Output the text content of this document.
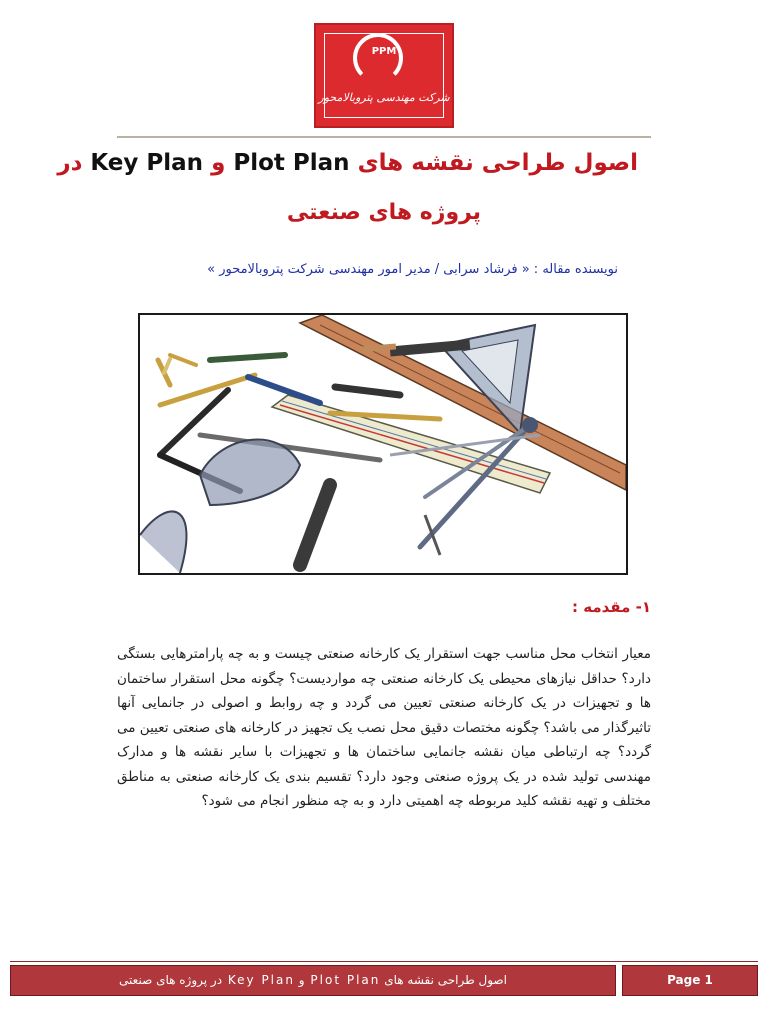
PPM
شرکت مهندسی پتروبالامحور
اصول طراحی نقشه های Plot Plan و Key Plan در
پروژه های صنعتی
نویسنده مقاله : « فرشاد سرابی / مدیر امور مهندسی شرکت پتروبالامحور »
۱- مقدمه :
معیار انتخاب محل مناسب جهت استقرار یک کارخانه صنعتی چیست و به چه پارامترهایی بستگی دارد؟ حداقل نیازهای محیطی یک کارخانه صنعتی چه مواردیست؟ چگونه محل استقرار ساختمان ها و تجهیزات در یک کارخانه صنعتی تعیین می گردد و چه روابط و اصولی در جانمایی آنها تاثیرگذار می باشد؟ چگونه مختصات دقیق محل نصب یک تجهیز در کارخانه های صنعتی تعیین می گردد؟ چه ارتباطی میان نقشه جانمایی ساختمان ها و تجهیزات با سایر نقشه ها و مدارک مهندسی تولید شده در یک پروژه صنعتی وجود دارد؟ تقسیم بندی یک کارخانه صنعتی به مناطق مختلف و تهیه نقشه کلید مربوطه چه اهمیتی دارد و به چه منظور انجام می شود؟
اصول طراحی نقشه های Plot Plan و Key Plan در پروژه های صنعتی	Page 1
